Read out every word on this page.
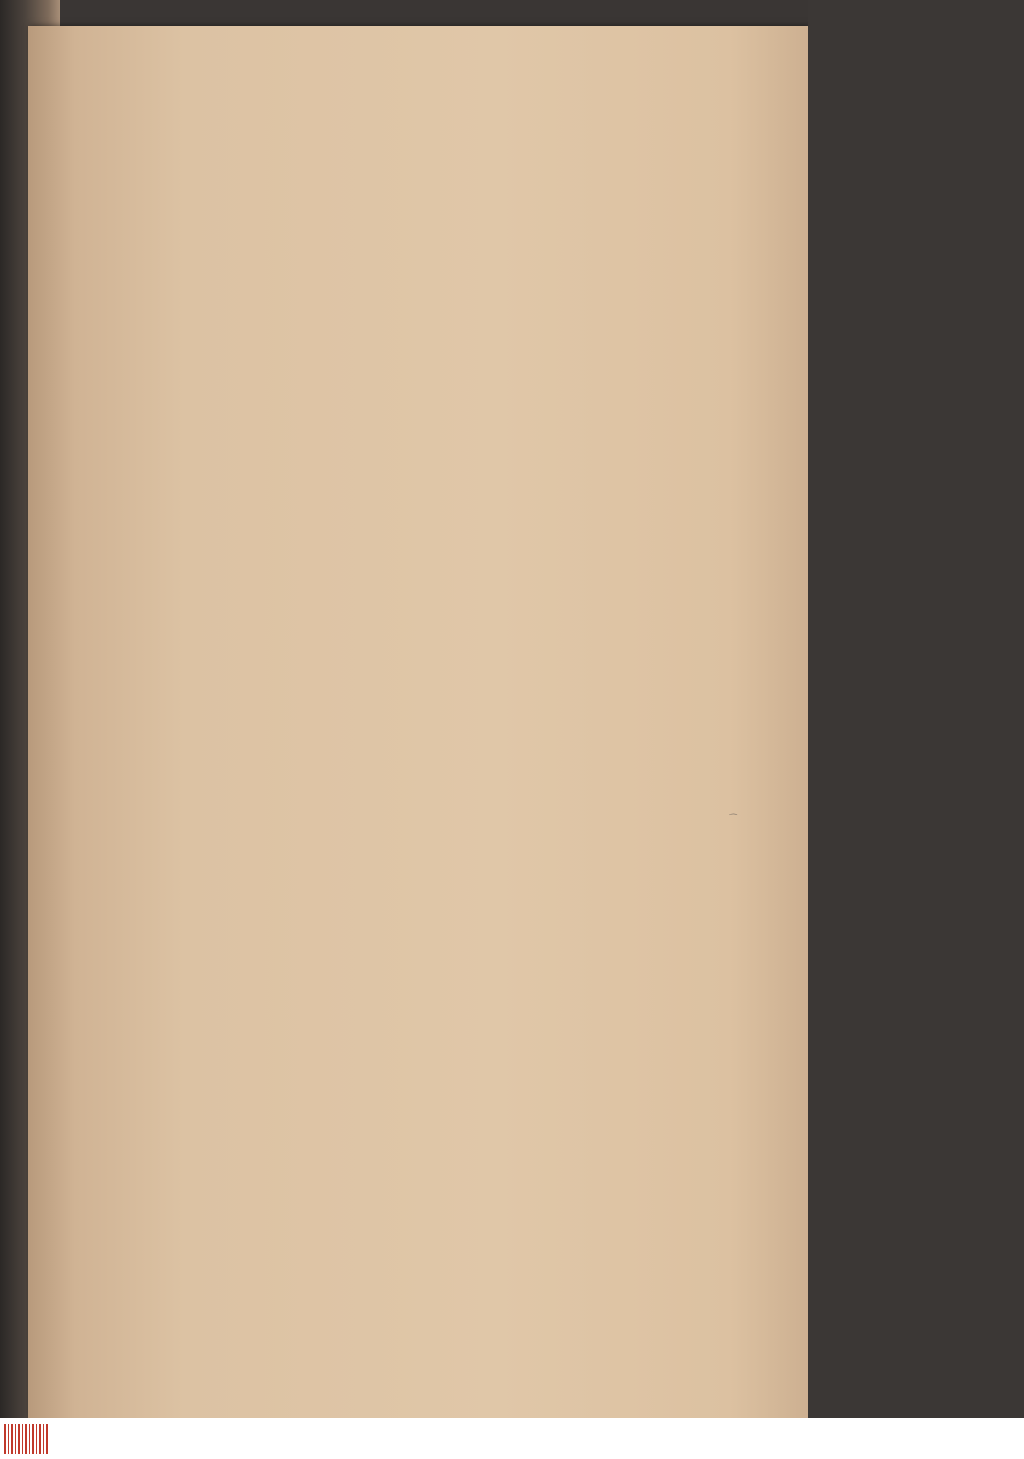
⁔
